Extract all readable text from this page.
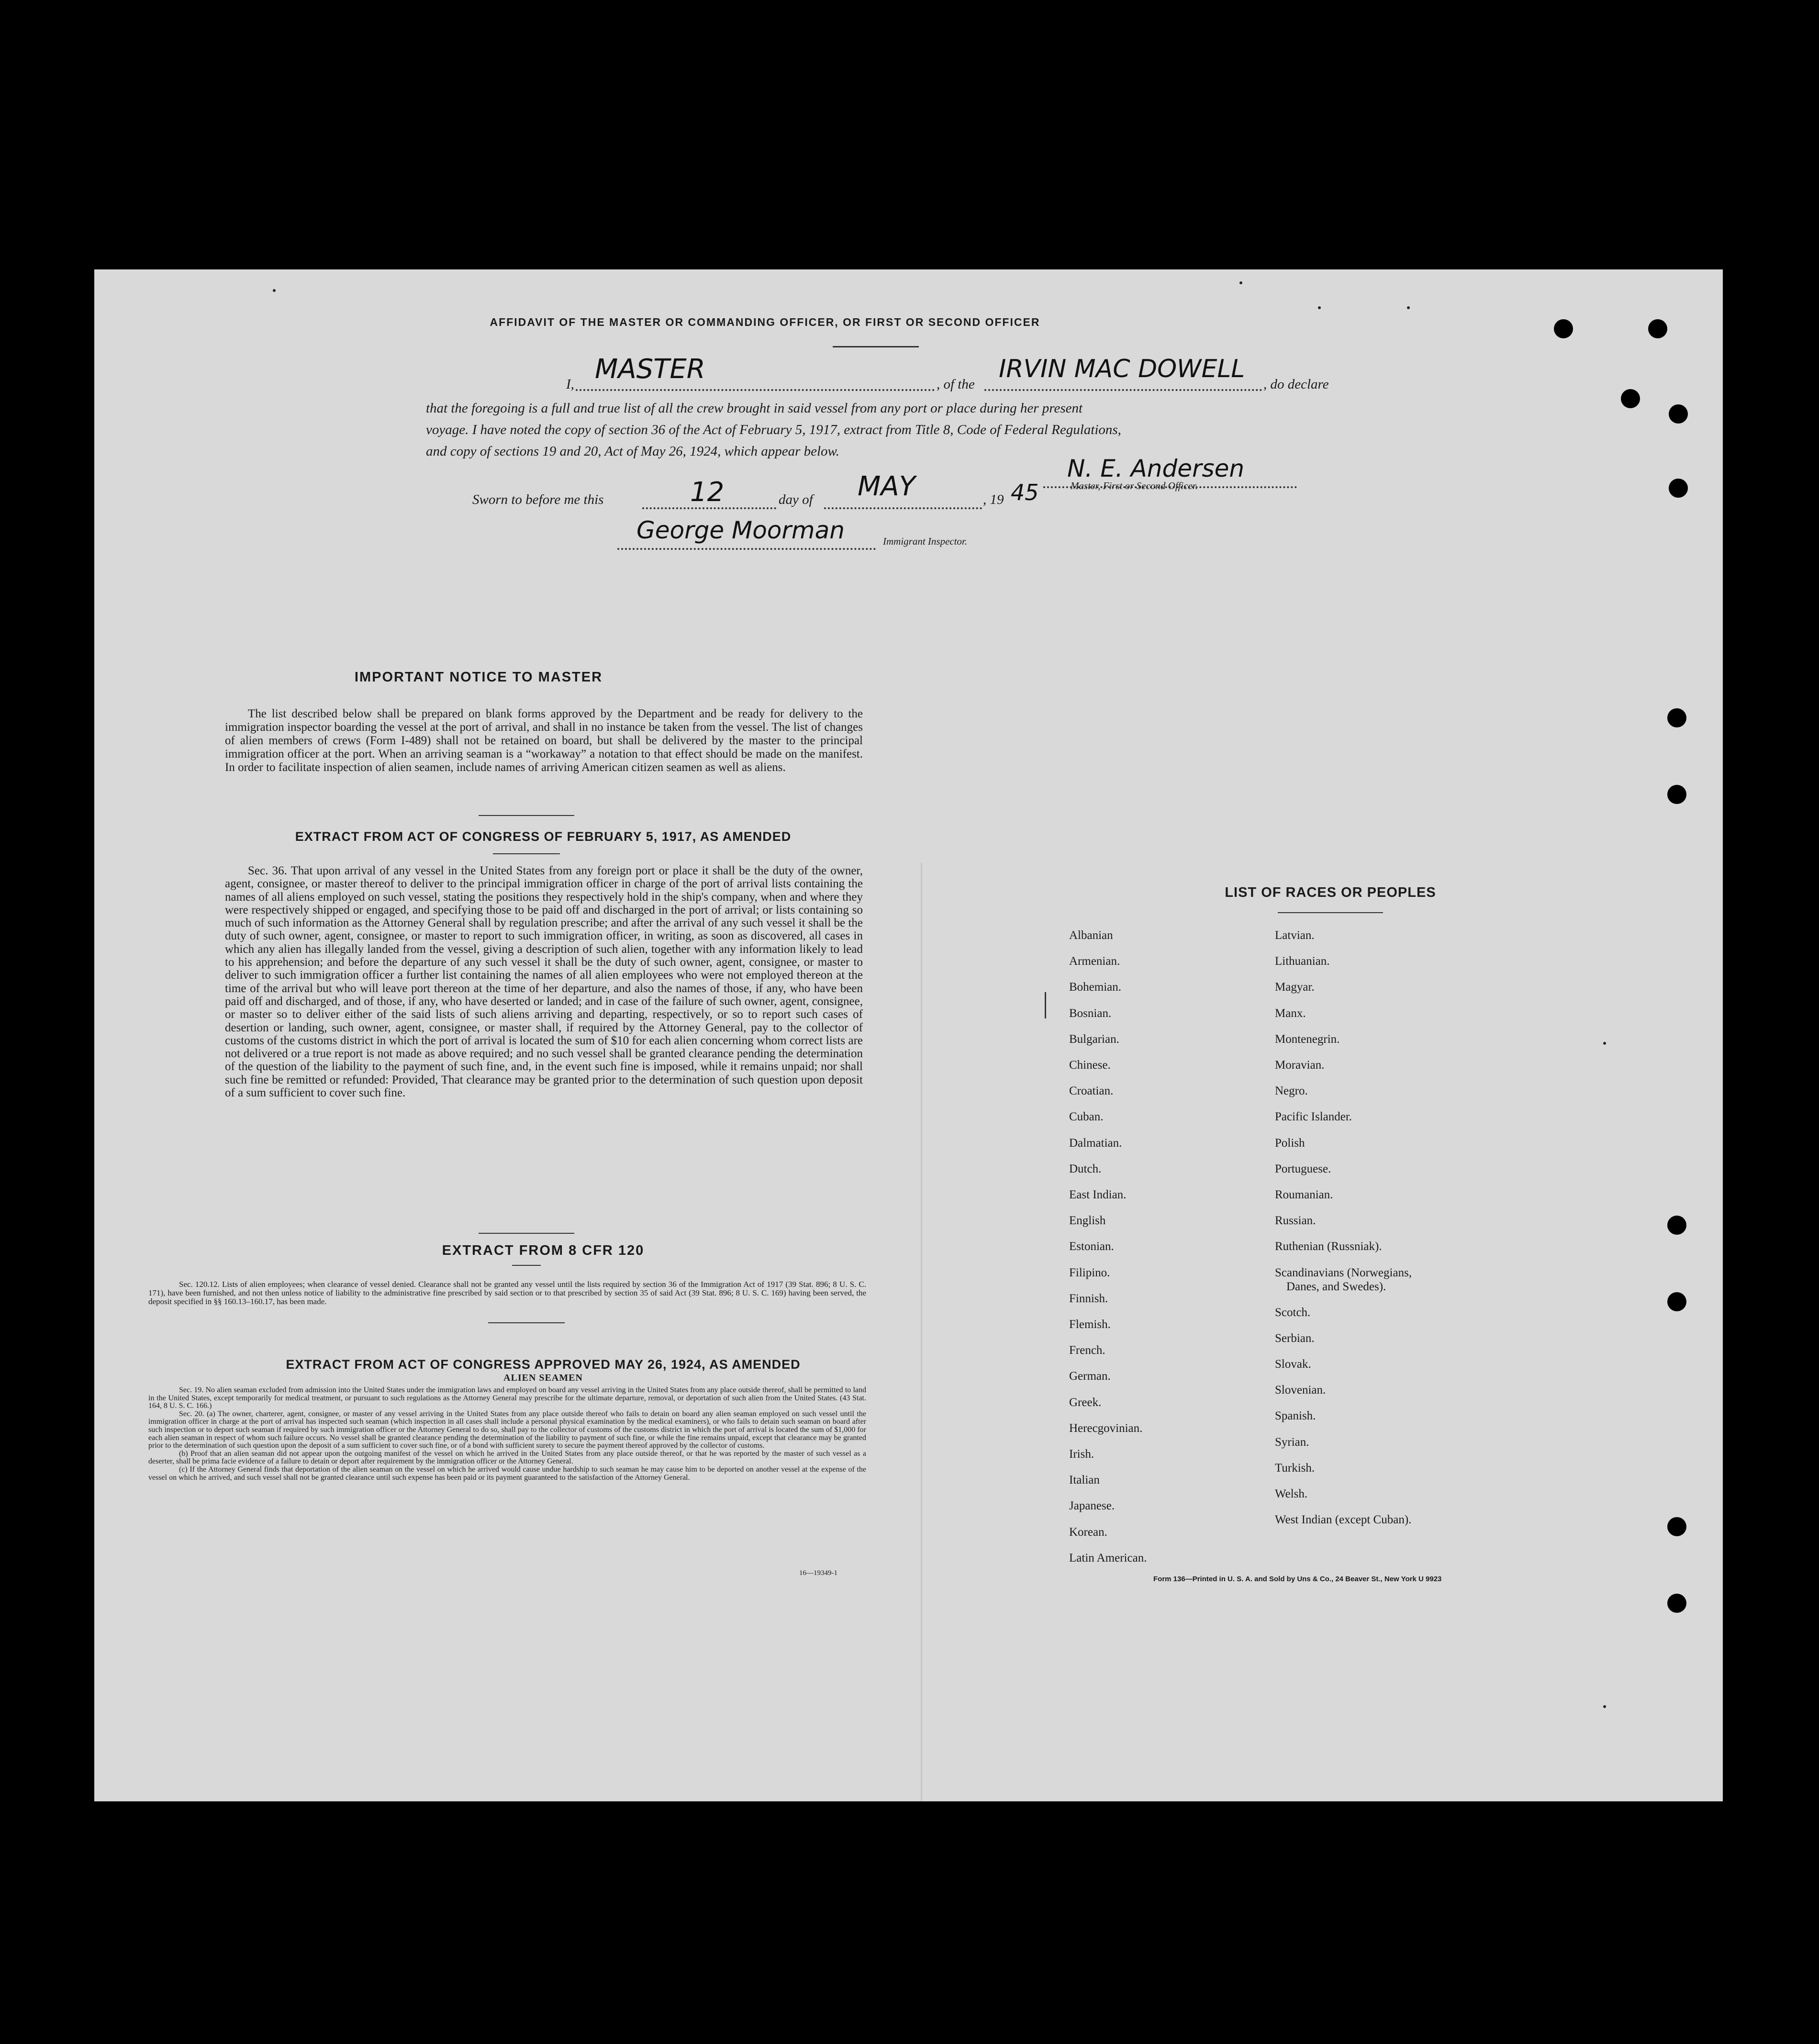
AFFIDAVIT OF THE MASTER OR COMMANDING OFFICER, OR FIRST OR SECOND OFFICER
I, MASTER	, of the
IRVIN MAC DOWELL
, do declare
that the foregoing is a full and true list of all the crew brought in said vessel from any port or place during her present
voyage. I have noted the copy of section 36 of the Act of February 5, 1917, extract from Title 8, Code of Federal Regulations,
and copy of sections 19 and 20, Act of May 26, 1924, which appear below.
N. E. Andersen
Master, First or Second Officer.
Sworn to before me this	12	day of MAY	, 19 45
George Moorman	Immigrant Inspector.
IMPORTANT NOTICE TO MASTER
The list described below shall be prepared on blank forms approved by the Department and be ready for delivery to the immigration inspector boarding the vessel at the port of arrival, and shall in no instance be taken from the vessel. The list of changes of alien members of crews (Form I-489) shall not be retained on board, but shall be delivered by the master to the principal immigration officer at the port. When an arriving seaman is a “workaway” a notation to that effect should be made on the manifest. In order to facilitate inspection of alien seamen, include names of arriving American citizen seamen as well as aliens.
EXTRACT FROM ACT OF CONGRESS OF FEBRUARY 5, 1917, AS AMENDED
Sec. 36. That upon arrival of any vessel in the United States from any foreign port or place it shall be the duty of the owner, agent, consignee, or master thereof to deliver to the principal immigration officer in charge of the port of arrival lists containing the names of all aliens employed on such vessel, stating the positions they respectively hold in the ship's company, when and where they were respectively shipped or engaged, and specifying those to be paid off and discharged in the port of arrival; or lists containing so much of such information as the Attorney General shall by regulation prescribe; and after the arrival of any such vessel it shall be the duty of such owner, agent, consignee, or master to report to such immigration officer, in writing, as soon as discovered, all cases in which any alien has illegally landed from the vessel, giving a description of such alien, together with any information likely to lead to his apprehension; and before the departure of any such vessel it shall be the duty of such owner, agent, consignee, or master to deliver to such immigration officer a further list containing the names of all alien employees who were not employed thereon at the time of the arrival but who will leave port thereon at the time of her departure, and also the names of those, if any, who have been paid off and discharged, and of those, if any, who have deserted or landed; and in case of the failure of such owner, agent, consignee, or master so to deliver either of the said lists of such aliens arriving and departing, respectively, or so to report such cases of desertion or landing, such owner, agent, consignee, or master shall, if required by the Attorney General, pay to the collector of customs of the customs district in which the port of arrival is located the sum of $10 for each alien concerning whom correct lists are not delivered or a true report is not made as above required; and no such vessel shall be granted clearance pending the determination of the question of the liability to the payment of such fine, and, in the event such fine is imposed, while it remains unpaid; nor shall such fine be remitted or refunded: Provided, That clearance may be granted prior to the determination of such question upon deposit of a sum sufficient to cover such fine.
EXTRACT FROM 8 CFR 120
Sec. 120.12. Lists of alien employees; when clearance of vessel denied. Clearance shall not be granted any vessel until the lists required by section 36 of the Immigration Act of 1917 (39 Stat. 896; 8 U. S. C. 171), have been furnished, and not then unless notice of liability to the administrative fine prescribed by said section or to that prescribed by section 35 of said Act (39 Stat. 896; 8 U. S. C. 169) having been served, the deposit specified in §§ 160.13–160.17, has been made.
EXTRACT FROM ACT OF CONGRESS APPROVED MAY 26, 1924, AS AMENDED
ALIEN SEAMEN
Sec. 19. No alien seaman excluded from admission into the United States under the immigration laws and employed on board any vessel arriving in the United States from any place outside thereof, shall be permitted to land in the United States, except temporarily for medical treatment, or pursuant to such regulations as the Attorney General may prescribe for the ultimate departure, removal, or deportation of such alien from the United States. (43 Stat. 164, 8 U. S. C. 166.)
Sec. 20. (a) The owner, charterer, agent, consignee, or master of any vessel arriving in the United States from any place outside thereof who fails to detain on board any alien seaman employed on such vessel until the immigration officer in charge at the port of arrival has inspected such seaman (which inspection in all cases shall include a personal physical examination by the medical examiners), or who fails to detain such seaman on board after such inspection or to deport such seaman if required by such immigration officer or the Attorney General to do so, shall pay to the collector of customs of the customs district in which the port of arrival is located the sum of $1,000 for each alien seaman in respect of whom such failure occurs. No vessel shall be granted clearance pending the determination of the liability to payment of such fine, or while the fine remains unpaid, except that clearance may be granted prior to the determination of such question upon the deposit of a sum sufficient to cover such fine, or of a bond with sufficient surety to secure the payment thereof approved by the collector of customs.
(b) Proof that an alien seaman did not appear upon the outgoing manifest of the vessel on which he arrived in the United States from any place outside thereof, or that he was reported by the master of such vessel as a deserter, shall be prima facie evidence of a failure to detain or deport after requirement by the immigration officer or the Attorney General.
(c) If the Attorney General finds that deportation of the alien seaman on the vessel on which he arrived would cause undue hardship to such seaman he may cause him to be deported on another vessel at the expense of the vessel on which he arrived, and such vessel shall not be granted clearance until such expense has been paid or its payment guaranteed to the satisfaction of the Attorney General.
16—19349-1
LIST OF RACES OR PEOPLES
Albanian
Armenian.
Bohemian.
Bosnian.
Bulgarian.
Chinese.
Croatian.
Cuban.
Dalmatian.
Dutch.
East Indian.
English
Estonian.
Filipino.
Finnish.
Flemish.
French.
German.
Greek.
Herecgovinian.
Irish.
Italian
Japanese.
Korean.
Latin American.
Latvian.
Lithuanian.
Magyar.
Manx.
Montenegrin.
Moravian.
Negro.
Pacific Islander.
Polish
Portuguese.
Roumanian.
Russian.
Ruthenian (Russniak).
Scandinavians (Norwegians,
Danes, and Swedes).
Scotch.
Serbian.
Slovak.
Slovenian.
Spanish.
Syrian.
Turkish.
Welsh.
West Indian (except Cuban).
Form 136—Printed in U. S. A. and Sold by Uns & Co., 24 Beaver St., New York U 9923
